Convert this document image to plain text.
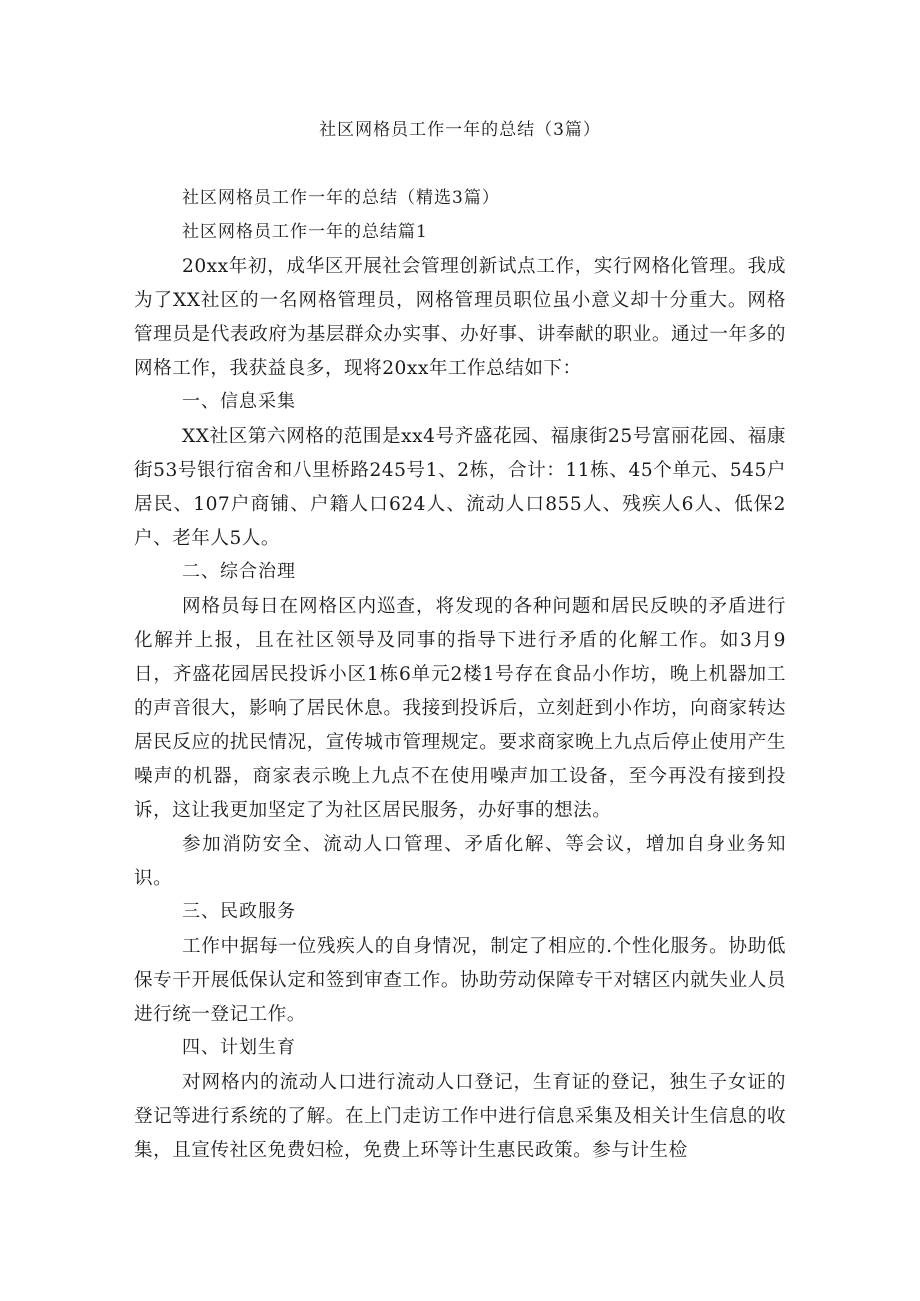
社区网格员工作一年的总结（3篇）
社区网格员工作一年的总结（精选3篇）
社区网格员工作一年的总结篇1

20xx年初，成华区开展社会管理创新试点工作，实行网格化管理。我成为了XX社区的一名网格管理员，网格管理员职位虽小意义却十分重大。网格管理员是代表政府为基层群众办实事、办好事、讲奉献的职业。通过一年多的网格工作，我获益良多，现将20xx年工作总结如下：

一、信息采集

XX社区第六网格的范围是xx4号齐盛花园、福康街25号富丽花园、福康街53号银行宿舍和八里桥路245号1、2栋，合计：11栋、45个单元、545户居民、107户商铺、户籍人口624人、流动人口855人、残疾人6人、低保2户、老年人5人。

二、综合治理

网格员每日在网格区内巡查，将发现的各种问题和居民反映的矛盾进行化解并上报，且在社区领导及同事的指导下进行矛盾的化解工作。如3月9日，齐盛花园居民投诉小区1栋6单元2楼1号存在食品小作坊，晚上机器加工的声音很大，影响了居民休息。我接到投诉后，立刻赶到小作坊，向商家转达居民反应的扰民情况，宣传城市管理规定。要求商家晚上九点后停止使用产生噪声的机器，商家表示晚上九点不在使用噪声加工设备，至今再没有接到投诉，这让我更加坚定了为社区居民服务，办好事的想法。

参加消防安全、流动人口管理、矛盾化解、等会议，增加自身业务知识。

三、民政服务

工作中据每一位残疾人的自身情况，制定了相应的.个性化服务。协助低保专干开展低保认定和签到审查工作。协助劳动保障专干对辖区内就失业人员进行统一登记工作。

四、计划生育

对网格内的流动人口进行流动人口登记，生育证的登记，独生子女证的登记等进行系统的了解。在上门走访工作中进行信息采集及相关计生信息的收集，且宣传社区免费妇检，免费上环等计生惠民政策。参与计生检
